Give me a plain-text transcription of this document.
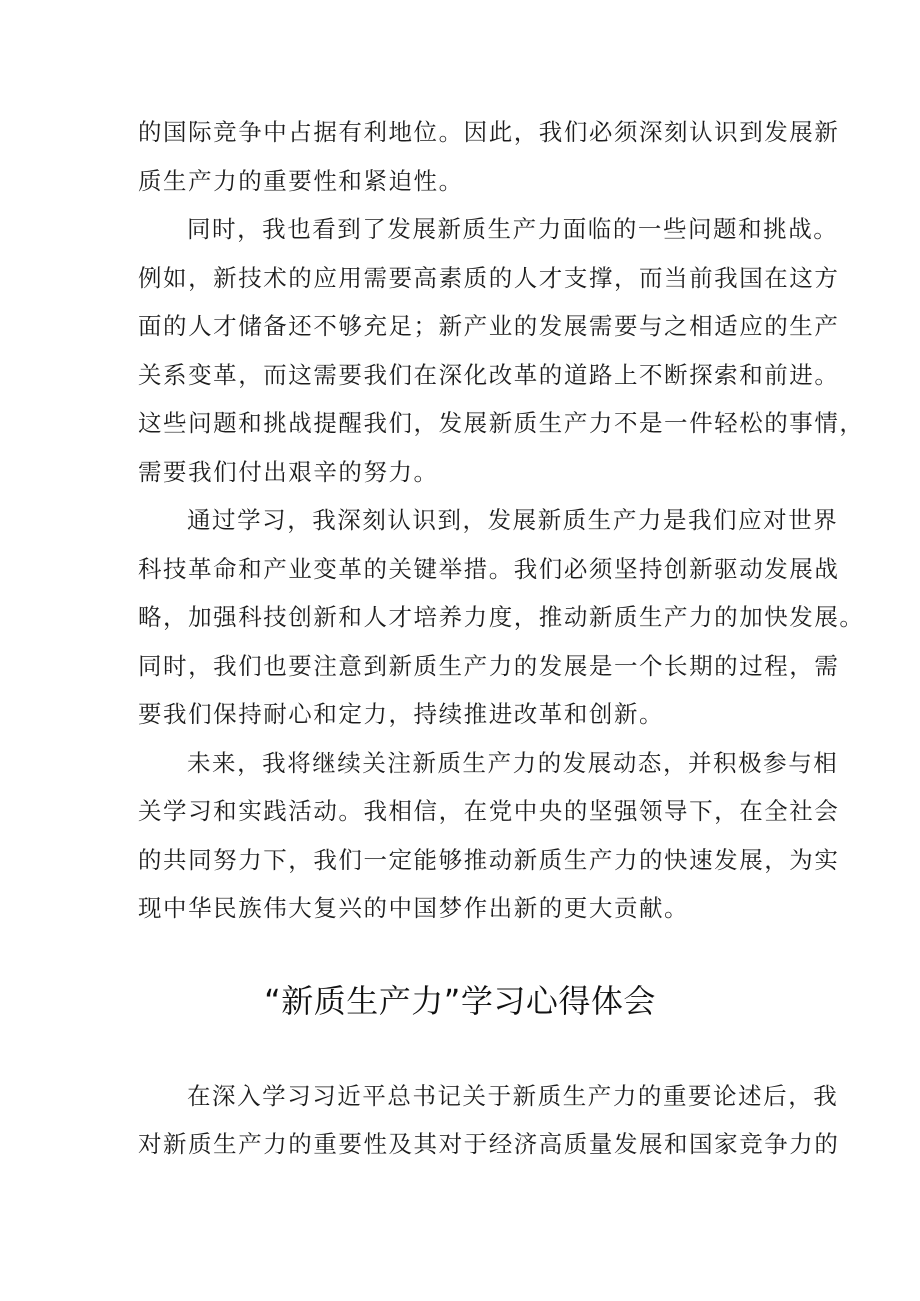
的国际竞争中占据有利地位。因此，我们必须深刻认识到发展新
质生产力的重要性和紧迫性。
同时，我也看到了发展新质生产力面临的一些问题和挑战。
例如，新技术的应用需要高素质的人才支撑，而当前我国在这方
面的人才储备还不够充足；新产业的发展需要与之相适应的生产
关系变革，而这需要我们在深化改革的道路上不断探索和前进。
这些问题和挑战提醒我们，发展新质生产力不是一件轻松的事情，
需要我们付出艰辛的努力。
通过学习，我深刻认识到，发展新质生产力是我们应对世界
科技革命和产业变革的关键举措。我们必须坚持创新驱动发展战
略，加强科技创新和人才培养力度，推动新质生产力的加快发展。
同时，我们也要注意到新质生产力的发展是一个长期的过程，需
要我们保持耐心和定力，持续推进改革和创新。
未来，我将继续关注新质生产力的发展动态，并积极参与相
关学习和实践活动。我相信，在党中央的坚强领导下，在全社会
的共同努力下，我们一定能够推动新质生产力的快速发展，为实
现中华民族伟大复兴的中国梦作出新的更大贡献。
“新质生产力”学习心得体会
在深入学习习近平总书记关于新质生产力的重要论述后，我
对新质生产力的重要性及其对于经济高质量发展和国家竞争力的
